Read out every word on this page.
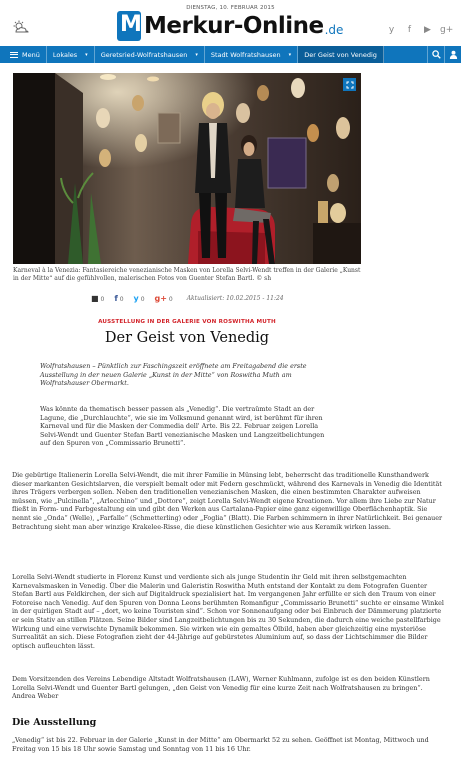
DIENSTAG, 10. FEBRUAR 2015
M Merkur-Online .de	y	f	▶ g+
Menü Lokales ▾ Geretsried-Wolfratshausen ▾ Stadt Wolfratshausen ▾ Der Geist von Venedig
Karneval à la Venezia: Fantasiereiche venezianische Masken von Lorella Selvi-Wendt treffen in der Galerie „Kunst in der Mitte“ auf die gefühlvollen, malerischen Fotos von Guenter Stefan Bartl. © sh
■ 0 f 0 y 0 g+ 0 Aktualisiert: 10.02.2015 - 11:24
AUSSTELLUNG IN DER GALERIE VON ROSWITHA MUTH
Der Geist von Venedig
Wolfratshausen – Pünktlich zur Faschingszeit eröffnete am Freitagabend die erste Ausstellung in der neuen Galerie „Kunst in der Mitte“ von Roswitha Muth am Wolfratshauser Obermarkt.
Was könnte da thematisch besser passen als „Venedig“. Die vertraümte Stadt an der Lagune, die „Durchlauchte“, wie sie im Volksmund genannt wird, ist berühmt für ihren Karneval und für die Masken der Commedia dell' Arte. Bis 22. Februar zeigen Lorella Selvi-Wendt und Guenter Stefan Bartl venezianische Masken und Langzeitbelichtungen auf den Spuren von „Commissario Brunetti“.
Die gebürtige Italienerin Lorella Selvi-Wendt, die mit ihrer Familie in Münsing lebt, beherrscht das traditionelle Kunsthandwerk dieser markanten Gesichtslarven, die verspielt bemalt oder mit Federn geschmückt, während des Karnevals in Venedig die Identität ihres Trägers verbergen sollen. Neben den traditionellen venezianischen Masken, die einen bestimmten Charakter aufweisen müssen, wie „Pulcinella“, „Arlecchino“ und „Dottore“, zeigt Lorella Selvi-Wendt eigene Kreationen. Vor allem ihre Liebe zur Natur fließt in Form- und Farbgestaltung ein und gibt den Werken aus Cartalana-Papier eine ganz eigenwillige Oberflächenhaptik. Sie nennt sie „Onda“ (Welle), „Farfalle“ (Schmetterling) oder „Foglia“ (Blatt). Die Farben schimmern in ihrer Natürlichkeit. Bei genauer Betrachtung sieht man aber winzige Krakelee-Risse, die diese künstlichen Gesichter wie aus Keramik wirken lassen.
Lorella Selvi-Wendt studierte in Florenz Kunst und verdiente sich als junge Studentin ihr Geld mit ihren selbstgemachten Karnevalsmasken in Venedig. Über die Malerin und Galeristin Roswitha Muth entstand der Kontakt zu dem Fotografen Guenter Stefan Bartl aus Feldkirchen, der sich auf Digitaldruck spezialisiert hat. Im vergangenen Jahr erfüllte er sich den Traum von einer Fotoreise nach Venedig. Auf den Spuren von Donna Leons berühmten Romanfigur „Commissario Brunetti“ suchte er einsame Winkel in der quirligen Stadt auf – „dort, wo keine Touristen sind“. Schon vor Sonnenaufgang oder bei Einbruch der Dämmerung platzierte er sein Stativ an stillen Plätzen. Seine Bilder sind Langzeitbelichtungen bis zu 30 Sekunden, die dadurch eine weiche pastellfarbige Wirkung und eine verwischte Dynamik bekommen. Sie wirken wie ein gemaltes Ölbild, haben aber gleichzeitig eine mysteriöse Surrealität an sich. Diese Fotografien zieht der 44-Jährige auf gebürstetes Aluminium auf, so dass der Lichtschimmer die Bilder optisch aufleuchten lässt.
Dem Vorsitzenden des Vereins Lebendige Altstadt Wolfratshausen (LAW), Werner Kuhlmann, zufolge ist es den beiden Künstlern Lorella Selvi-Wendt und Guenter Bartl gelungen, „den Geist von Venedig für eine kurze Zeit nach Wolfratshausen zu bringen“. Andrea Weber
Die Ausstellung
„Venedig“ ist bis 22. Februar in der Galerie „Kunst in der Mitte“ am Obermarkt 52 zu sehen. Geöffnet ist Montag, Mittwoch und Freitag von 15 bis 18 Uhr sowie Samstag und Sonntag von 11 bis 16 Uhr.
